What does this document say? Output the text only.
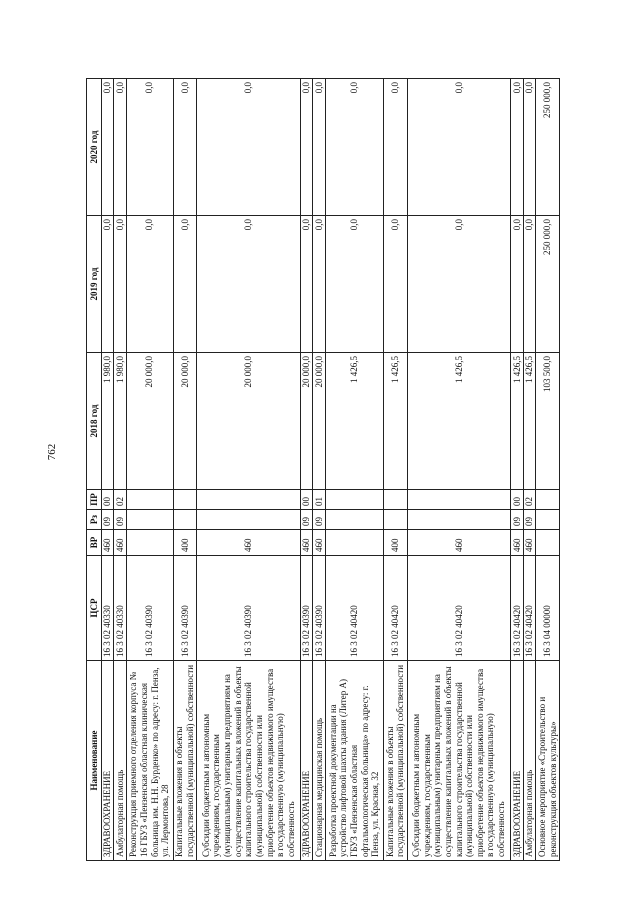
762
Наименование	ЦСР	ВР	Рз	ПР	2018 год	2019 год	2020 год
ЗДРАВООХРАНЕНИЕ	16 3 02 40330	460	09	00	1 980,0	0,0	0,0
Амбулаторная помощь	16 3 02 40330	460	09	02	1 980,0	0,0	0,0
Реконструкция приемного отделения корпуса № 16 ГБУЗ «Пензенская областная клиническая больница им. Н.Н. Бурденко» по адресу: г. Пенза, ул. Лермонтова, 28	16 3 02 40390				20 000,0	0,0	0,0
Капитальные вложения в объекты государственной (муниципальной) собственности	16 3 02 40390	400			20 000,0	0,0	0,0
Субсидии бюджетным и автономным учреждениям, государственным (муниципальным) унитарным предприятиям на осуществление капитальных вложений в объекты капитального строительства государственной (муниципальной) собственности или приобретение объектов недвижимого имущества в государственную (муниципальную) собственность	16 3 02 40390	460			20 000,0	0,0	0,0
ЗДРАВООХРАНЕНИЕ	16 3 02 40390	460	09	00	20 000,0	0,0	0,0
Стационарная медицинская помощь	16 3 02 40390	460	09	01	20 000,0	0,0	0,0
Разработка проектной документации на устройство лифтовой шахты здания (Литер А) ГБУЗ «Пензенская областная офтальмологическая больница» по адресу: г. Пенза, ул. Красная, 32	16 3 02 40420				1 426,5	0,0	0,0
Капитальные вложения в объекты государственной (муниципальной) собственности	16 3 02 40420	400			1 426,5	0,0	0,0
Субсидии бюджетным и автономным учреждениям, государственным (муниципальным) унитарным предприятиям на осуществление капитальных вложений в объекты капитального строительства государственной (муниципальной) собственности или приобретение объектов недвижимого имущества в государственную (муниципальную) собственность	16 3 02 40420	460			1 426,5	0,0	0,0
ЗДРАВООХРАНЕНИЕ	16 3 02 40420	460	09	00	1 426,5	0,0	0,0
Амбулаторная помощь	16 3 02 40420	460	09	02	1 426,5	0,0	0,0
Основное мероприятие «Строительство и реконструкция объектов культуры»	16 3 04 00000				103 500,0	250 000,0	250 000,0
